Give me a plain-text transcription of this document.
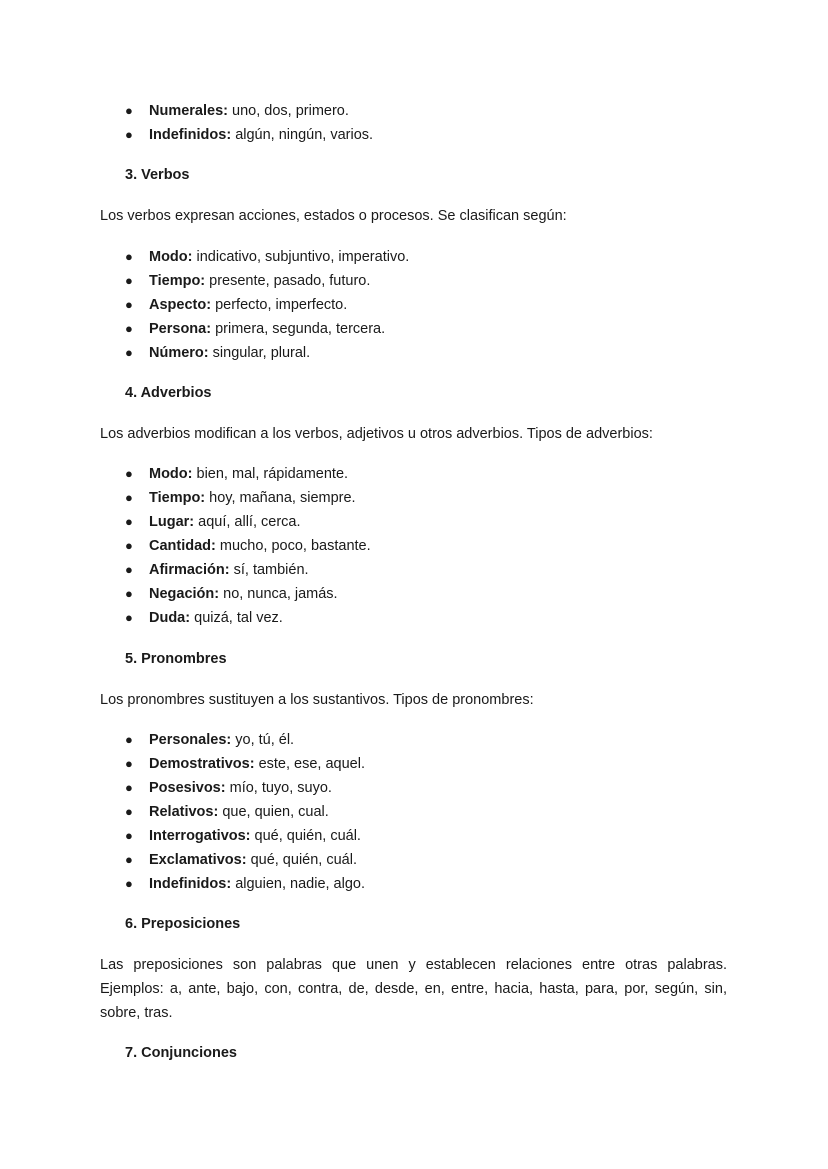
● Numerales: uno, dos, primero.
● Indefinidos: algún, ningún, varios.
3. Verbos

Los verbos expresan acciones, estados o procesos. Se clasifican según:

● Modo: indicativo, subjuntivo, imperativo.
● Tiempo: presente, pasado, futuro.
● Aspecto: perfecto, imperfecto.
● Persona: primera, segunda, tercera.
● Número: singular, plural.
4. Adverbios

Los adverbios modifican a los verbos, adjetivos u otros adverbios. Tipos de adverbios:

● Modo: bien, mal, rápidamente.
● Tiempo: hoy, mañana, siempre.
● Lugar: aquí, allí, cerca.
● Cantidad: mucho, poco, bastante.
● Afirmación: sí, también.
● Negación: no, nunca, jamás.
● Duda: quizá, tal vez.
5. Pronombres

Los pronombres sustituyen a los sustantivos. Tipos de pronombres:

● Personales: yo, tú, él.
● Demostrativos: este, ese, aquel.
● Posesivos: mío, tuyo, suyo.
● Relativos: que, quien, cual.
● Interrogativos: qué, quién, cuál.
● Exclamativos: qué, quién, cuál.
● Indefinidos: alguien, nadie, algo.
6. Preposiciones

Las preposiciones son palabras que unen y establecen relaciones entre otras palabras. Ejemplos: a, ante, bajo, con, contra, de, desde, en, entre, hacia, hasta, para, por, según, sin, sobre, tras.

7. Conjunciones
